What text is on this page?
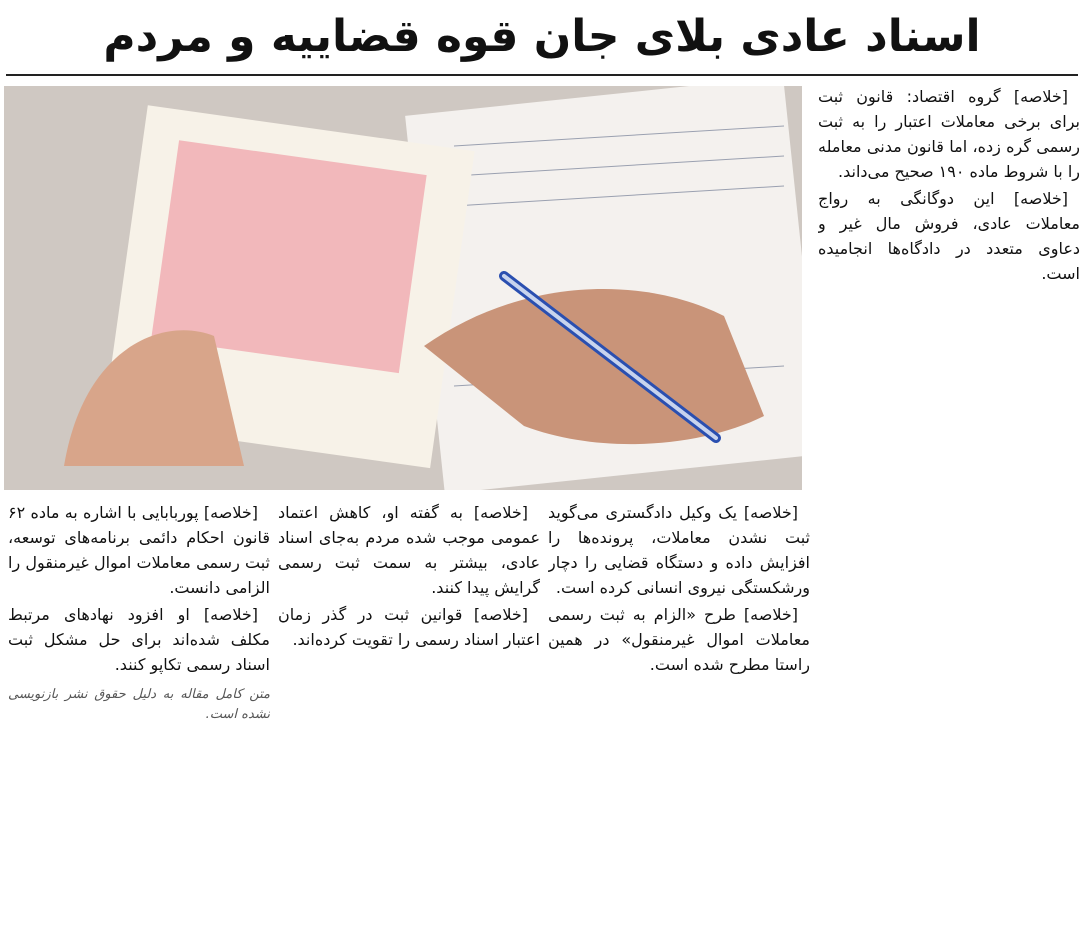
اسناد عادی بلای جان قوه قضاییه و مردم

[خلاصه] گروه اقتصاد: قانون ثبت برای برخی معاملات اعتبار را به ثبت رسمی گره زده، اما قانون مدنی معامله را با شروط ماده ۱۹۰ صحیح می‌داند.

[خلاصه] این دوگانگی به رواج معاملات عادی، فروش مال غیر و دعاوی متعدد در دادگاه‌ها انجامیده است.

[خلاصه] یک وکیل دادگستری می‌گوید ثبت نشدن معاملات، پرونده‌ها را افزایش داده و دستگاه قضایی را دچار ورشکستگی نیروی انسانی کرده است.

[خلاصه] طرح «الزام به ثبت رسمی معاملات اموال غیرمنقول» در همین راستا مطرح شده است.

[خلاصه] به گفته او، کاهش اعتماد عمومی موجب شده مردم به‌جای اسناد عادی، بیشتر به سمت ثبت رسمی گرایش پیدا کنند.

[خلاصه] قوانین ثبت در گذر زمان اعتبار اسناد رسمی را تقویت کرده‌اند.

[خلاصه] پوربابایی با اشاره به ماده ۶۲ قانون احکام دائمی برنامه‌های توسعه، ثبت رسمی معاملات اموال غیرمنقول را الزامی دانست.

[خلاصه] او افزود نهادهای مرتبط مکلف شده‌اند برای حل مشکل ثبت اسناد رسمی تکاپو کنند.

متن کامل مقاله به دلیل حقوق نشر بازنویسی نشده است.
